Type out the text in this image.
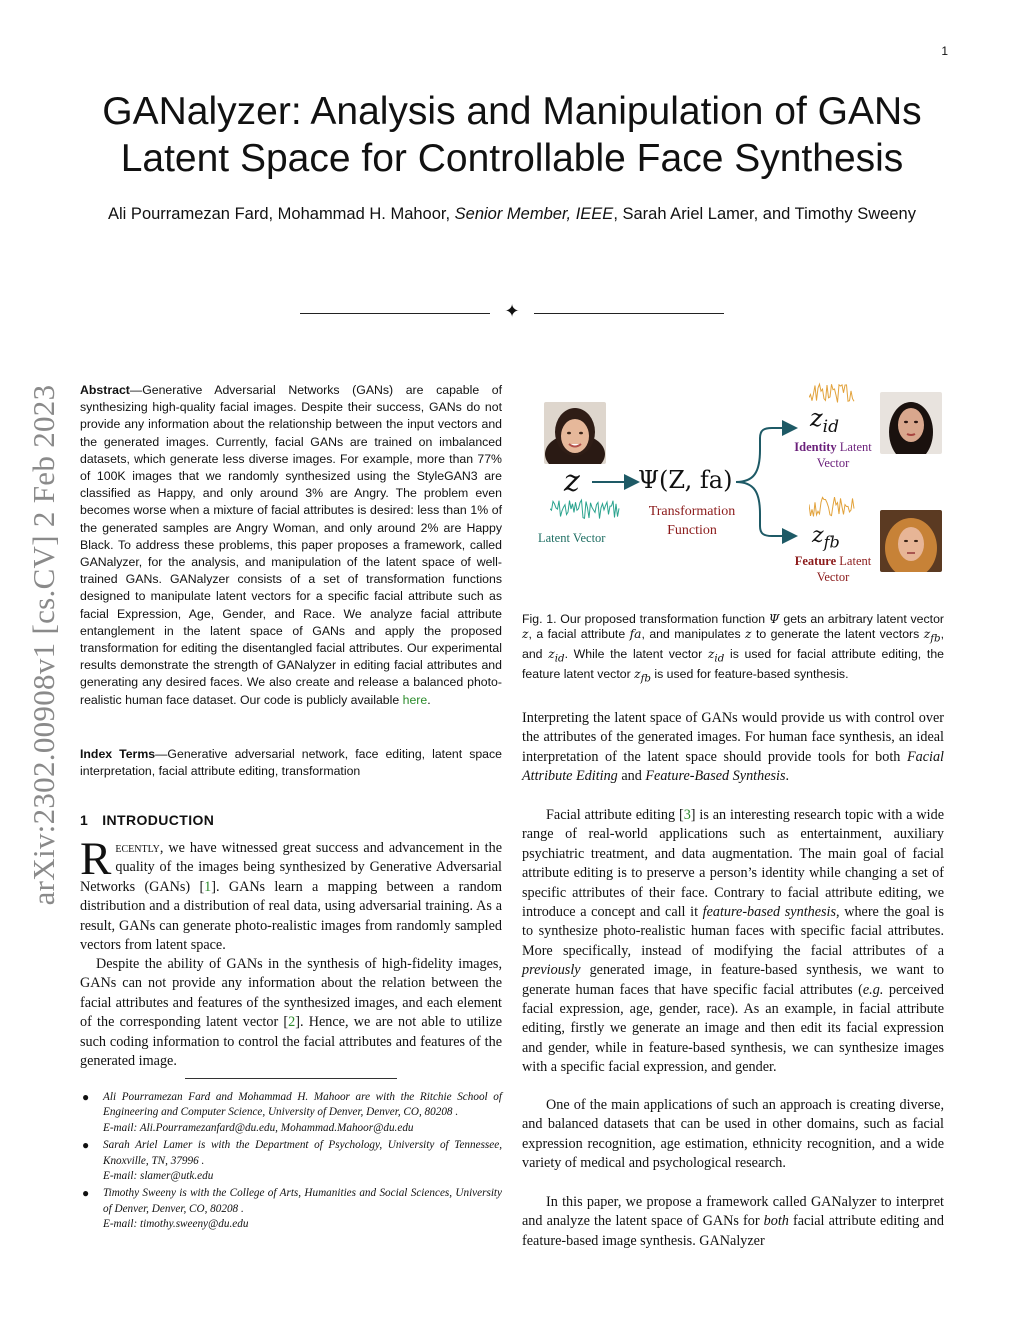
1
GANalyzer: Analysis and Manipulation of GANs Latent Space for Controllable Face Synthesis
Ali Pourramezan Fard, Mohammad H. Mahoor, Senior Member, IEEE, Sarah Ariel Lamer, and Timothy Sweeny
✦
arXiv:2302.00908v1 [cs.CV] 2 Feb 2023 Abstract—Generative Adversarial Networks (GANs) are capable of synthesizing high-quality facial images. Despite their success, GANs do not provide any information about the relationship between the input vectors and the generated images. Currently, facial GANs are trained on imbalanced datasets, which generate less diverse images. For example, more than 77% of 100K images that we randomly synthesized using the StyleGAN3 are classified as Happy, and only around 3% are Angry. The problem even becomes worse when a mixture of facial attributes is desired: less than 1% of the generated samples are Angry Woman, and only around 2% are Happy Black. To address these problems, this paper proposes a framework, called GANalyzer, for the analysis, and manipulation of the latent space of well-trained GANs. GANalyzer consists of a set of transformation functions designed to manipulate latent vectors for a specific facial attribute such as facial Expression, Age, Gender, and Race. We analyze facial attribute entanglement in the latent space of GANs and apply the proposed transformation for editing the disentangled facial attributes. Our experimental results demonstrate the strength of GANalyzer in editing facial attributes and generating any desired faces. We also create and release a balanced photo-realistic human face dataset. Our code is publicly available here.

Index Terms—Generative adversarial network, face editing, latent space interpretation, facial attribute editing, transformation

1 INTRODUCTION

Recently, we have witnessed great success and advancement in the quality of the images being synthesized by Generative Adversarial Networks (GANs) [1]. GANs learn a mapping between a random distribution and a distribution of real data, using adversarial training. As a result, GANs can generate photo-realistic images from randomly sampled vectors from latent space.

Despite the ability of GANs in the synthesis of high-fidelity images, GANs can not provide any information about the relation between the facial attributes and features of the synthesized images, and each element of the corresponding latent vector [2]. Hence, we are not able to utilize such coding information to control the facial attributes and features of the generated image.

● Ali Pourramezan Fard and Mohammad H. Mahoor are with the Ritchie School of Engineering and Computer Science, University of Denver, Denver, CO, 80208 .
E-mail: Ali.Pourramezanfard@du.edu, Mohammad.Mahoor@du.edu
● Sarah Ariel Lamer is with the Department of Psychology, University of Tennessee, Knoxville, TN, 37996 .
E-mail: slamer@utk.edu
● Timothy Sweeny is with the College of Arts, Humanities and Social Sciences, University of Denver, Denver, CO, 80208 .
E-mail: timothy.sweeny@du.edu
z
Latent Vector
Ψ(Z, fa)
Transformation
Function
$z_{id}$
Identity Latent
Vector
$z_{fb}$
Feature Latent
Vector

Fig. 1. Our proposed transformation function Ψ gets an arbitrary latent vector z, a facial attribute fa, and manipulates z to generate the latent vectors $z_{fb}$, and $z_{id}$. While the latent vector $z_{id}$ is used for facial attribute editing, the feature latent vector $z_{fb}$ is used for feature-based synthesis.

Interpreting the latent space of GANs would provide us with control over the attributes of the generated images. For human face synthesis, an ideal interpretation of the latent space should provide tools for both Facial Attribute Editing and Feature-Based Synthesis.

Facial attribute editing [3] is an interesting research topic with a wide range of real-world applications such as entertainment, auxiliary psychiatric treatment, and data augmentation. The main goal of facial attribute editing is to preserve a person’s identity while changing a set of specific attributes of their face. Contrary to facial attribute editing, we introduce a concept and call it feature-based synthesis, where the goal is to synthesize photo-realistic human faces with specific facial attributes. More specifically, instead of modifying the facial attributes of a previously generated image, in feature-based synthesis, we want to generate human faces that have specific facial attributes (e.g. perceived facial expression, age, gender, race). As an example, in facial attribute editing, firstly we generate an image and then edit its facial expression and gender, while in feature-based synthesis, we can synthesize images with a specific facial expression, and gender.

One of the main applications of such an approach is creating diverse, and balanced datasets that can be used in other domains, such as facial expression recognition, age estimation, ethnicity recognition, and a wide variety of medical and psychological research.

In this paper, we propose a framework called GANalyzer to interpret and analyze the latent space of GANs for both facial attribute editing and feature-based image synthesis. GANalyzer
